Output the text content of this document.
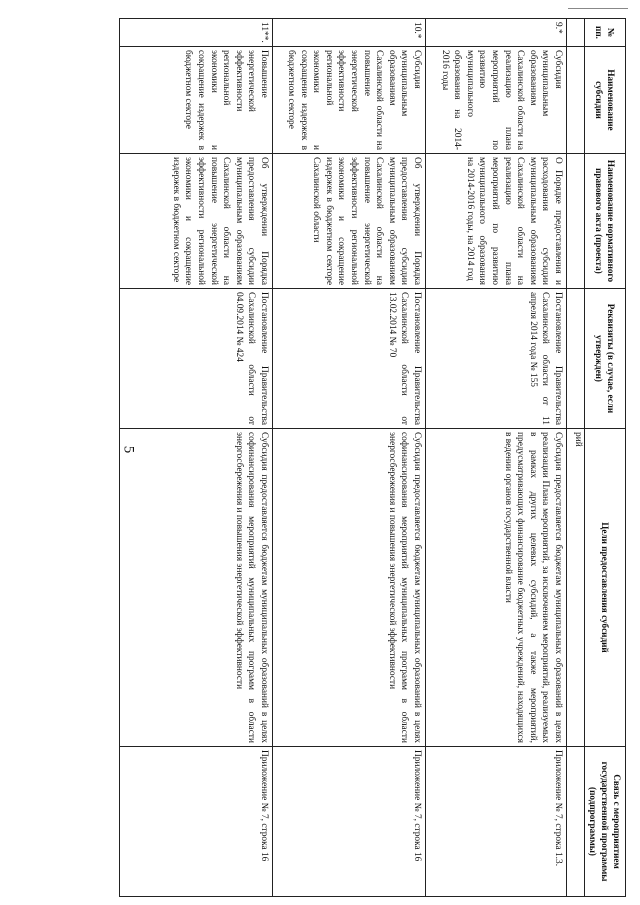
5
№ пп.	Наименование субсидии	Наименование нормативного правового акта (проекта)	Реквизиты (в случае, если утвержден)	Цели предоставления субсидий	Связь с мероприятием государственной программы (подпрограммы)
				рий	
9.*	Субсидия муниципальным образованиям Сахалинской области на реализацию плана мероприятий по развитию муниципального образования на 2014-2016 годы	О Порядке предоставления и расходования субсидии муниципальным образованиям Сахалинской области на реализацию плана мероприятий по развитию муниципального образования на 2014-2016 годы, на 2014 год	Постановление Правительства Сахалинской области от 11 апреля 2014 года № 155	Субсидия предоставляется бюджетам муниципальных образований в целях реализации Плана мероприятий, за исключением мероприятий, реализуемых в рамках других целевых субсидий, а также мероприятий, предусматривающих финансирование бюджетных учреждений, находящихся в ведении органов государственной власти	Приложение № 7, строка 1.3.
10.*	Субсидия муниципальным образованиям Сахалинской области на повышение энергетической эффективности региональной экономики и сокращение издержек в бюджетном секторе	Об утверждении Порядка предоставления субсидии муниципальным образованиям Сахалинской области на повышение энергетической эффективности региональной экономики и сокращение издержек в бюджетном секторе Сахалинской области	Постановление Правительства Сахалинской области от 13.02.2014 № 70	Субсидия предоставляется бюджетам муниципальных образований в целях софинансирования мероприятий муниципальных программ в области энергосбережения и повышения энергетической эффективности	Приложение № 7, строка 16
11**.	Повышение энергетической эффективности региональной экономики и сокращение издержек в бюджетном секторе	Об утверждении Порядка предоставления субсидии муниципальным образованиям Сахалинской области на повышение энергетической эффективности региональной экономики и сокращение издержек в бюджетном секторе	Постановление Правительства Сахалинской области от 04.09.2014 № 424	Субсидия предоставляется бюджетам муниципальных образований в целях софинансирования мероприятий муниципальных программ в области энергосбережения и повышения энергетической эффективности	Приложение № 7, строка 16
